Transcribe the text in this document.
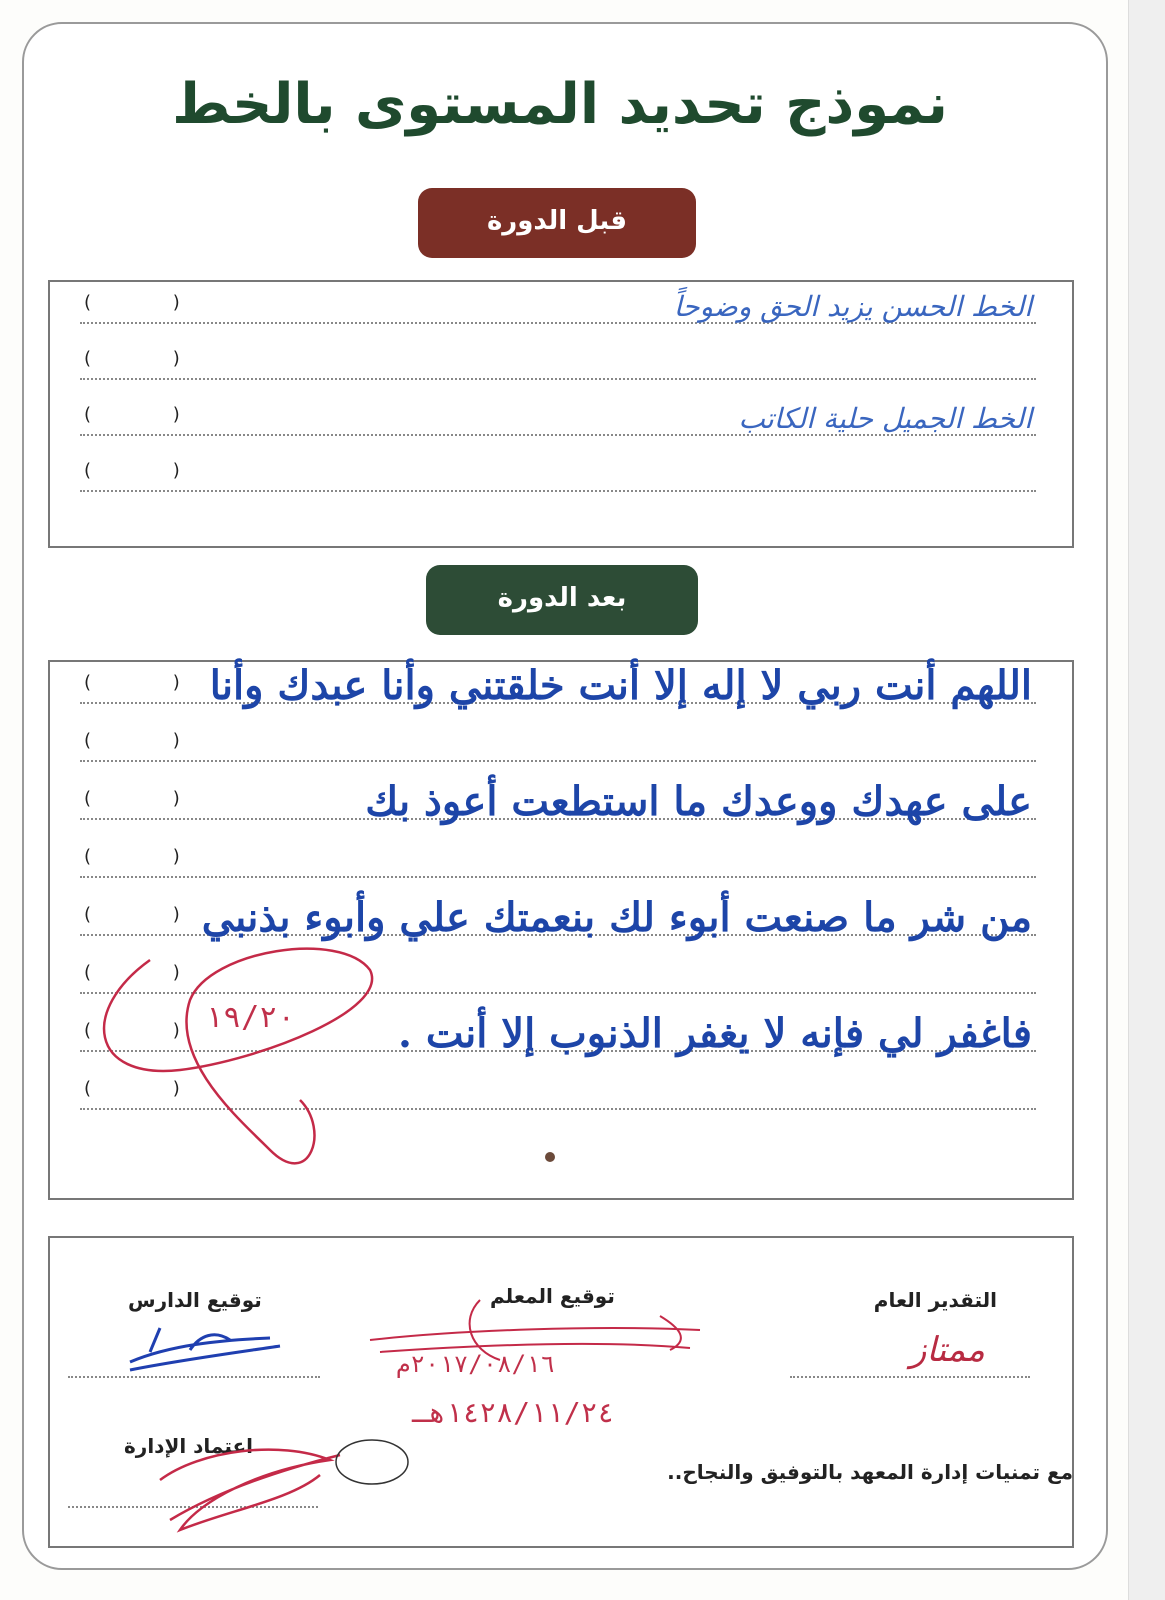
نموذج تحديد المستوى بالخط
قبل الدورة
( )
( )
( )
( )
الخط الحسن يزيد الحق وضوحاً
الخط الجميل حلية الكاتب
بعد الدورة
( )
( )
( )
( )
( )
( )
( )
( )
اللهم أنت ربي لا إله إلا أنت خلقتني وأنا عبدك وأنا
على عهدك ووعدك ما استطعت أعوذ بك
من شر ما صنعت أبوء لك بنعمتك علي وأبوء بذنبي
فاغفر لي فإنه لا يغفر الذنوب إلا أنت .
١٩/٢٠
التقدير العام
توقيع المعلم
توقيع الدارس
اعتماد الإدارة
ممتاز
٢٠١٧/٠٨/١٦م
١٤٢٨/١١/٢٤هـ
مع تمنيات إدارة المعهد بالتوفيق والنجاح..
